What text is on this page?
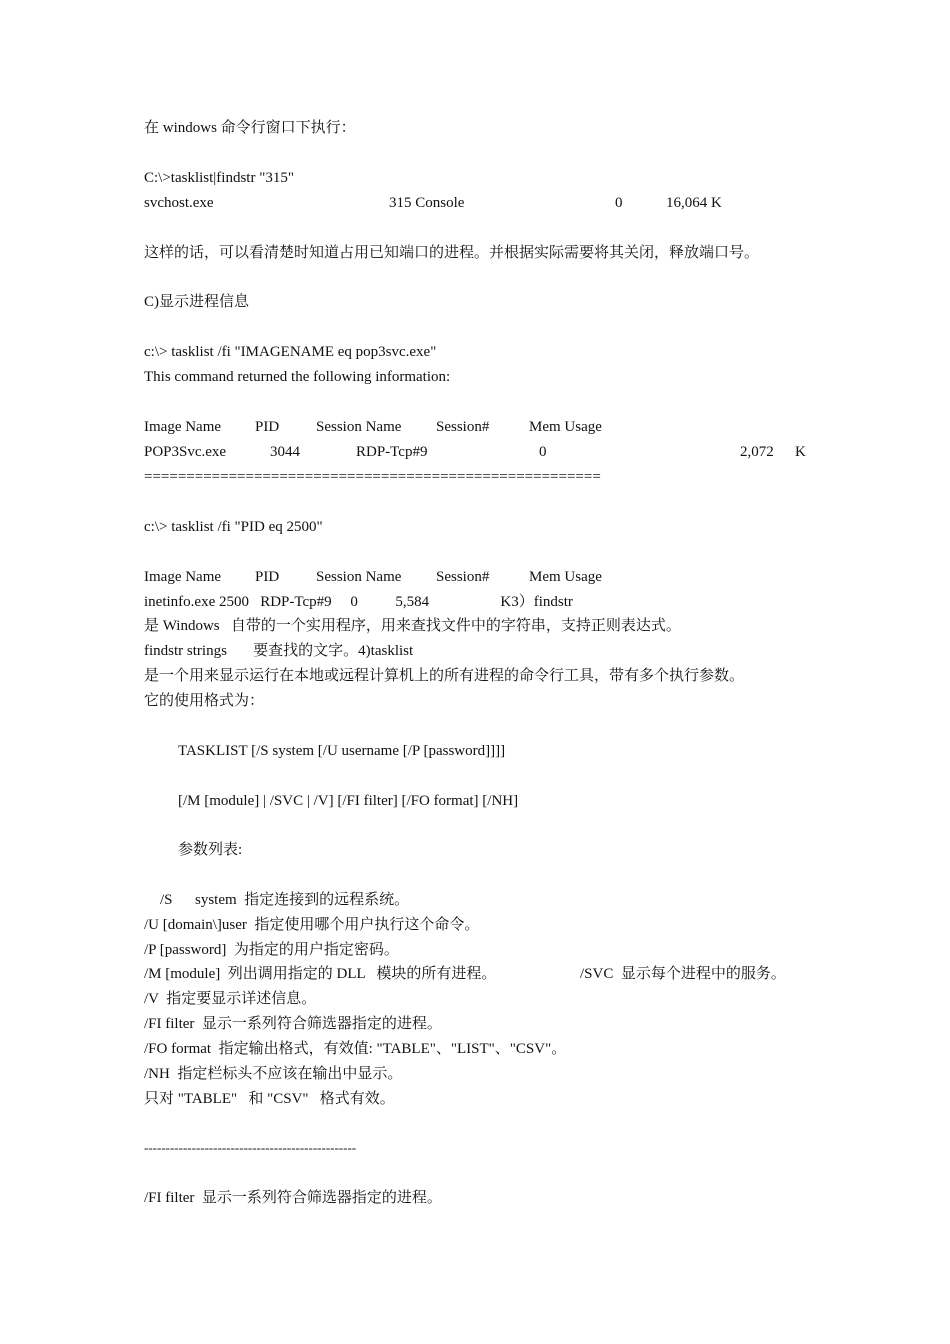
在 windows 命令行窗口下执行：
C:\>tasklist|findstr "315"
svchost.exe	315 Console	0	16,064 K
这样的话，可以看清楚时知道占用已知端口的进程。并根据实际需要将其关闭，释放端口号。
C)显示进程信息
c:\> tasklist /fi "IMAGENAME eq pop3svc.exe"
This command returned the following information:
Image Name PID Session Name Session#	Mem Usage
POP3Svc.exe	3044	RDP-Tcp#9	0	2,072 K
======================================================
c:\> tasklist /fi "PID eq 2500"
Image Name PID Session Name Session#	Mem Usage
inetinfo.exe 2500   RDP-Tcp#9     0          5,584                   K3）findstr
是 Windows   自带的一个实用程序，用来查找文件中的字符串，支持正则表达式。
findstr strings       要查找的文字。4)tasklist
是一个用来显示运行在本地或远程计算机上的所有进程的命令行工具，带有多个执行参数。
它的使用格式为：
TASKLIST [/S system [/U username [/P [password]]]]
[/M [module] | /SVC | /V] [/FI filter] [/FO format] [/NH]
参数列表:
/S      system  指定连接到的远程系统。
/U [domain\]user  指定使用哪个用户执行这个命令。
/P [password]  为指定的用户指定密码。
/M [module]  列出调用指定的 DLL   模块的所有进程。	/SVC  显示每个进程中的服务。
/V  指定要显示详述信息。
/FI filter  显示一系列符合筛选器指定的进程。
/FO format  指定输出格式，有效值: "TABLE"、"LIST"、"CSV"。
/NH  指定栏标头不应该在输出中显示。
只对 "TABLE"   和 "CSV"   格式有效。
-------------------------------------------------
/FI filter  显示一系列符合筛选器指定的进程。
